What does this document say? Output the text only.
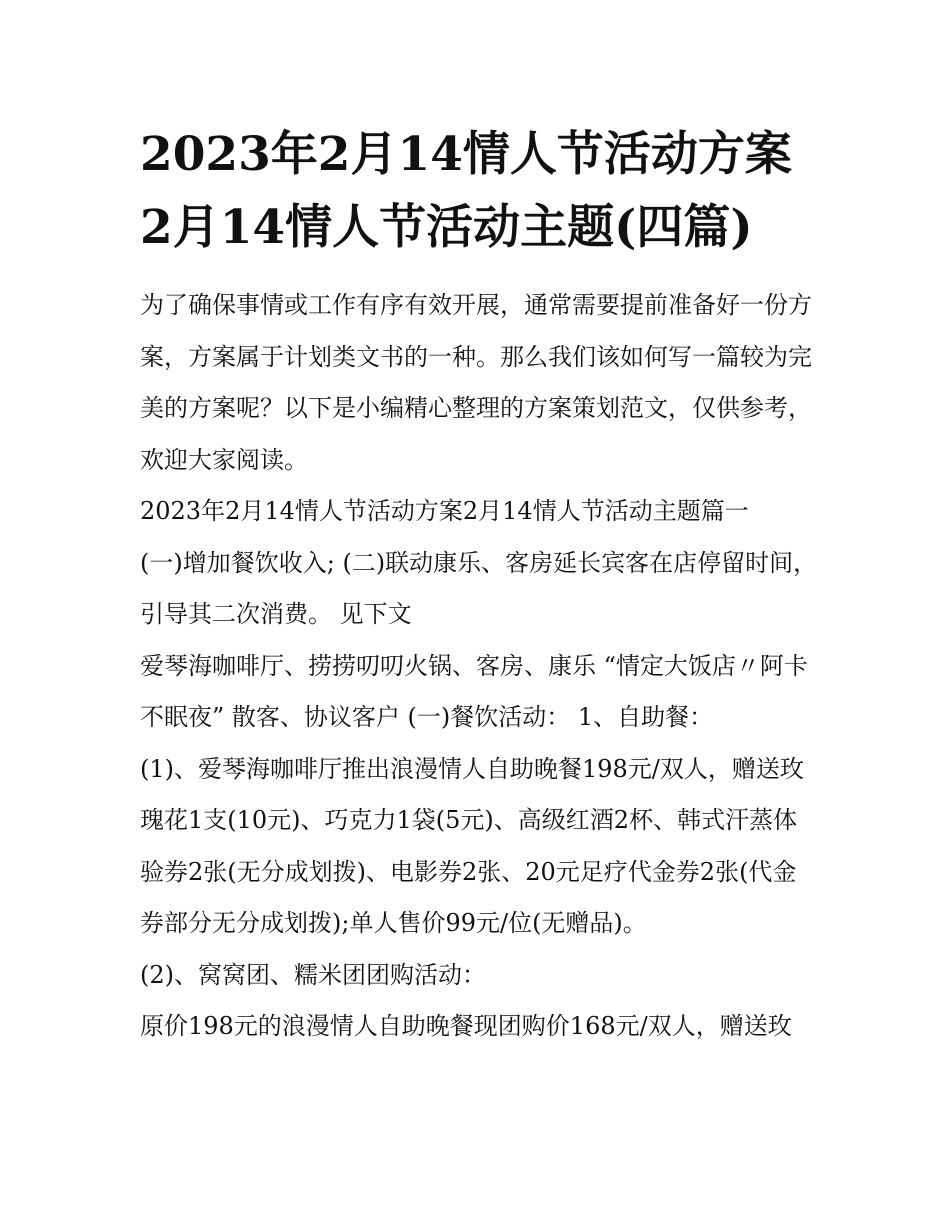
2023年2月14情人节活动方案2月14情人节活动主题(四篇)

为了确保事情或工作有序有效开展，通常需要提前准备好一份方案，方案属于计划类文书的一种。那么我们该如何写一篇较为完美的方案呢？以下是小编精心整理的方案策划范文，仅供参考，欢迎大家阅读。

2023年2月14情人节活动方案2月14情人节活动主题篇一

(一)增加餐饮收入; (二)联动康乐、客房延长宾客在店停留时间，引导其二次消费。 见下文

爱琴海咖啡厅、捞捞叨叨火锅、客房、康乐 “情定大饭店〃阿卡不眠夜” 散客、协议客户 (一)餐饮活动： 1、自助餐：

(1)、爱琴海咖啡厅推出浪漫情人自助晚餐198元/双人，赠送玫瑰花1支(10元)、巧克力1袋(5元)、高级红酒2杯、韩式汗蒸体验券2张(无分成划拨)、电影券2张、20元足疗代金券2张(代金券部分无分成划拨);单人售价99元/位(无赠品)。

(2)、窝窝团、糯米团团购活动：

原价198元的浪漫情人自助晚餐现团购价168元/双人，赠送玫
